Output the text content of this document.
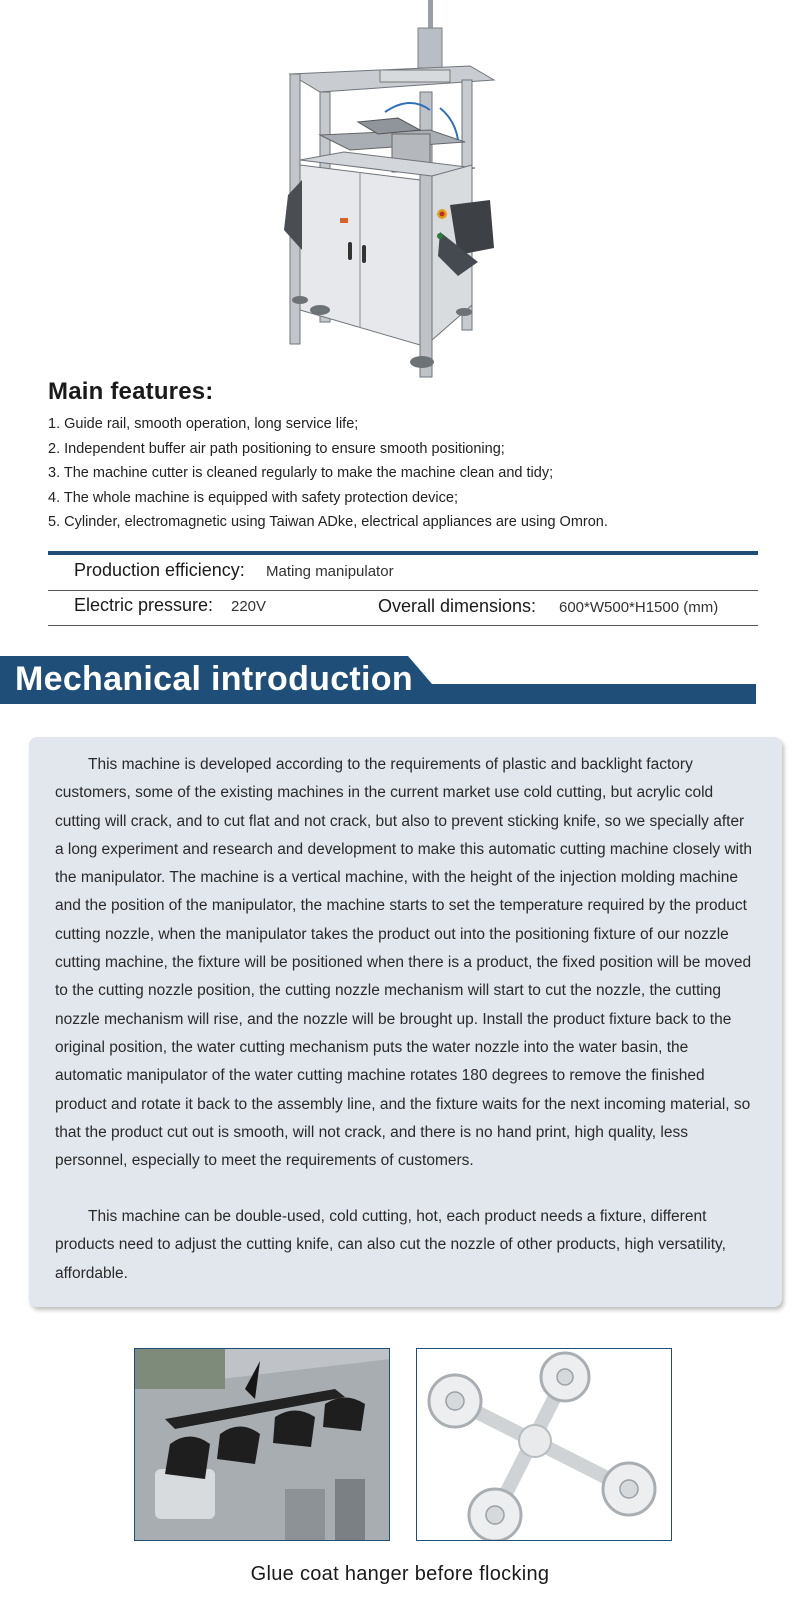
Main features:
1. Guide rail, smooth operation, long service life;
2. Independent buffer air path positioning to ensure smooth positioning;
3. The machine cutter is cleaned regularly to make the machine clean and tidy;
4. The whole machine is equipped with safety protection device;
5. Cylinder, electromagnetic using Taiwan ADke, electrical appliances are using Omron.
Production efficiency: Mating manipulator
Electric pressure: 220V	Overall dimensions: 600*W500*H1500 (mm)
Mechanical introduction

This machine is developed according to the requirements of plastic and backlight factory customers, some of the existing machines in the current market use cold cutting, but acrylic cold cutting will crack, and to cut flat and not crack, but also to prevent sticking knife, so we specially after a long experiment and research and development to make this automatic cutting machine closely with the manipulator. The machine is a vertical machine, with the height of the injection molding machine and the position of the manipulator, the machine starts to set the temperature required by the product cutting nozzle, when the manipulator takes the product out into the positioning fixture of our nozzle cutting machine, the fixture will be positioned when there is a product, the fixed position will be moved to the cutting nozzle position, the cutting nozzle mechanism will start to cut the nozzle, the cutting nozzle mechanism will rise, and the nozzle will be brought up. Install the product fixture back to the original position, the water cutting mechanism puts the water nozzle into the water basin, the automatic manipulator of the water cutting machine rotates 180 degrees to remove the finished product and rotate it back to the assembly line, and the fixture waits for the next incoming material, so that the product cut out is smooth, will not crack, and there is no hand print, high quality, less personnel, especially to meet the requirements of customers.

This machine can be double-used, cold cutting, hot, each product needs a fixture, different products need to adjust the cutting knife, can also cut the nozzle of other products, high versatility, affordable.

Glue coat hanger before flocking
